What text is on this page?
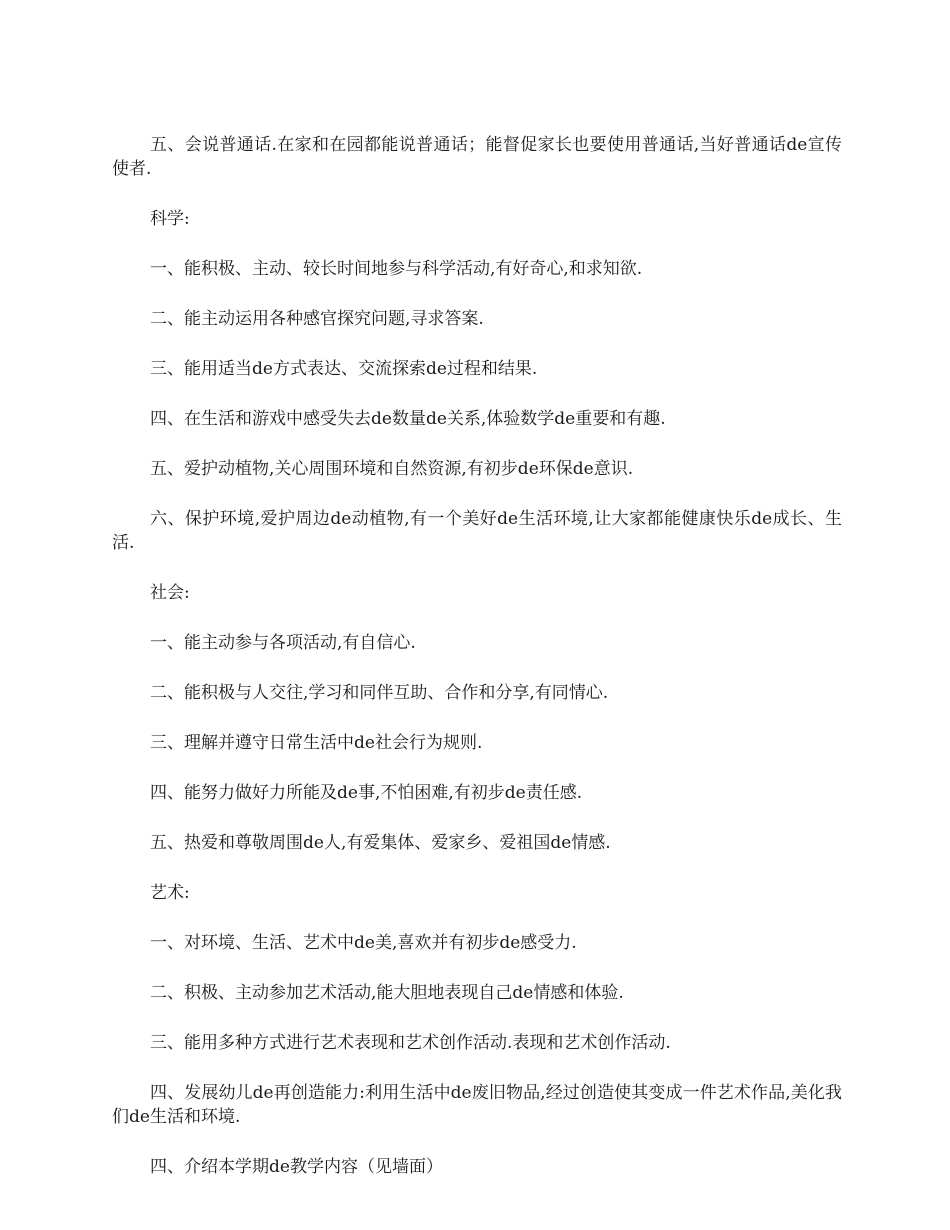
五、会说普通话.在家和在园都能说普通话；能督促家长也要使用普通话,当好普通话de宣传使者.

科学:

一、能积极、主动、较长时间地参与科学活动,有好奇心,和求知欲.

二、能主动运用各种感官探究问题,寻求答案.

三、能用适当de方式表达、交流探索de过程和结果.

四、在生活和游戏中感受失去de数量de关系,体验数学de重要和有趣.

五、爱护动植物,关心周围环境和自然资源,有初步de环保de意识.

六、保护环境,爱护周边de动植物,有一个美好de生活环境,让大家都能健康快乐de成长、生活.

社会:

一、能主动参与各项活动,有自信心.

二、能积极与人交往,学习和同伴互助、合作和分享,有同情心.

三、理解并遵守日常生活中de社会行为规则.

四、能努力做好力所能及de事,不怕困难,有初步de责任感.

五、热爱和尊敬周围de人,有爱集体、爱家乡、爱祖国de情感.

艺术:

一、对环境、生活、艺术中de美,喜欢并有初步de感受力.

二、积极、主动参加艺术活动,能大胆地表现自己de情感和体验.

三、能用多种方式进行艺术表现和艺术创作活动.表现和艺术创作活动.

四、发展幼儿de再创造能力:利用生活中de废旧物品,经过创造使其变成一件艺术作品,美化我们de生活和环境.

四、介绍本学期de教学内容（见墙面）
